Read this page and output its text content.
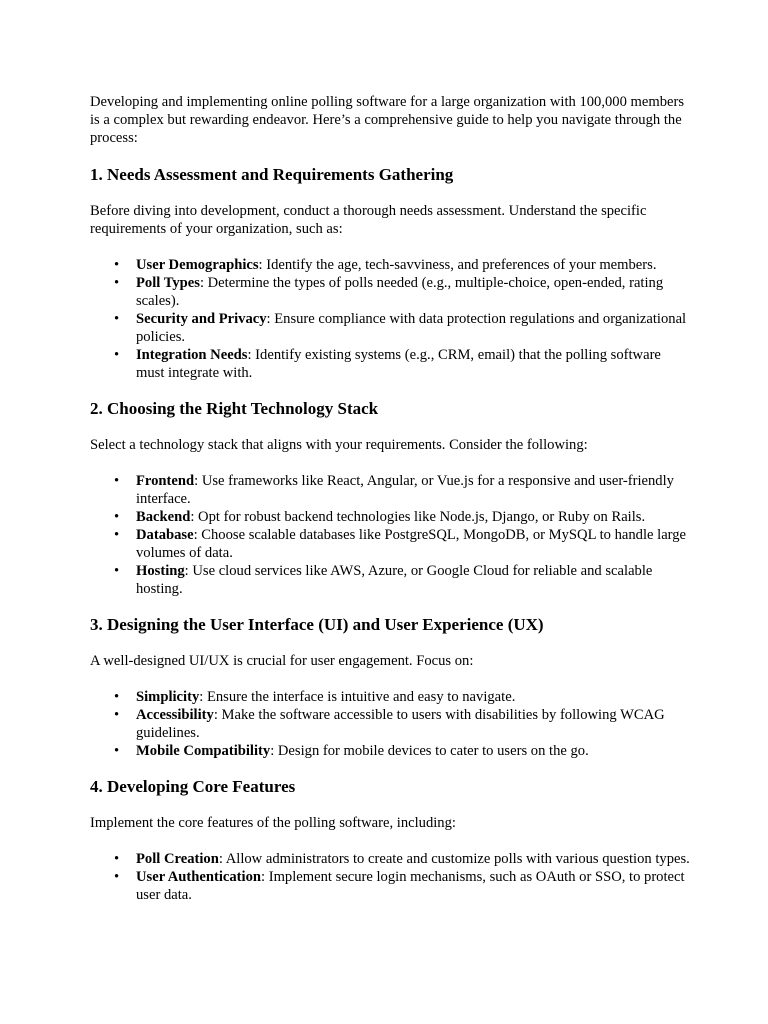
Developing and implementing online polling software for a large organization with 100,000 members is a complex but rewarding endeavor. Here’s a comprehensive guide to help you navigate through the process:

1. Needs Assessment and Requirements Gathering

Before diving into development, conduct a thorough needs assessment. Understand the specific requirements of your organization, such as:

• User Demographics: Identify the age, tech-savviness, and preferences of your members.
• Poll Types: Determine the types of polls needed (e.g., multiple-choice, open-ended, rating scales).
• Security and Privacy: Ensure compliance with data protection regulations and organizational policies.
• Integration Needs: Identify existing systems (e.g., CRM, email) that the polling software must integrate with.
2. Choosing the Right Technology Stack

Select a technology stack that aligns with your requirements. Consider the following:

• Frontend: Use frameworks like React, Angular, or Vue.js for a responsive and user-friendly interface.
• Backend: Opt for robust backend technologies like Node.js, Django, or Ruby on Rails.
• Database: Choose scalable databases like PostgreSQL, MongoDB, or MySQL to handle large volumes of data.
• Hosting: Use cloud services like AWS, Azure, or Google Cloud for reliable and scalable hosting.
3. Designing the User Interface (UI) and User Experience (UX)

A well-designed UI/UX is crucial for user engagement. Focus on:

• Simplicity: Ensure the interface is intuitive and easy to navigate.
• Accessibility: Make the software accessible to users with disabilities by following WCAG guidelines.
• Mobile Compatibility: Design for mobile devices to cater to users on the go.
4. Developing Core Features

Implement the core features of the polling software, including:

• Poll Creation: Allow administrators to create and customize polls with various question types.
• User Authentication: Implement secure login mechanisms, such as OAuth or SSO, to protect user data.
